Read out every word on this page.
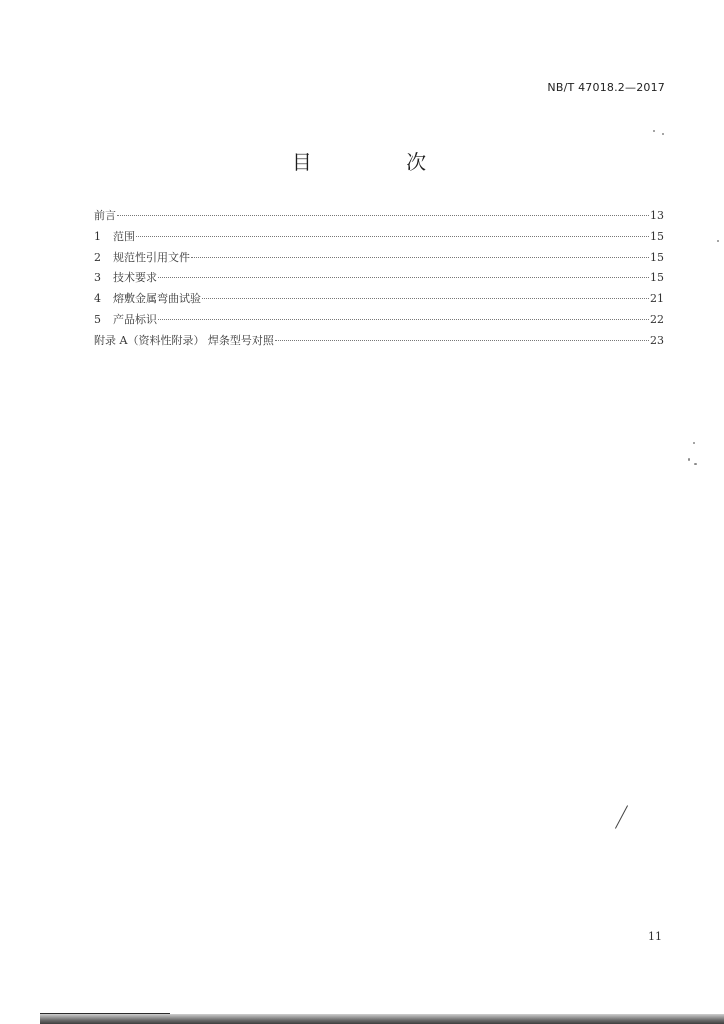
NB/T 47018.2—2017
目 次
前言	13
1	范围	15
2	规范性引用文件	15
3	技术要求	15
4	熔敷金属弯曲试验	21
5	产品标识	22
附录 A（资料性附录） 焊条型号对照	23
11
